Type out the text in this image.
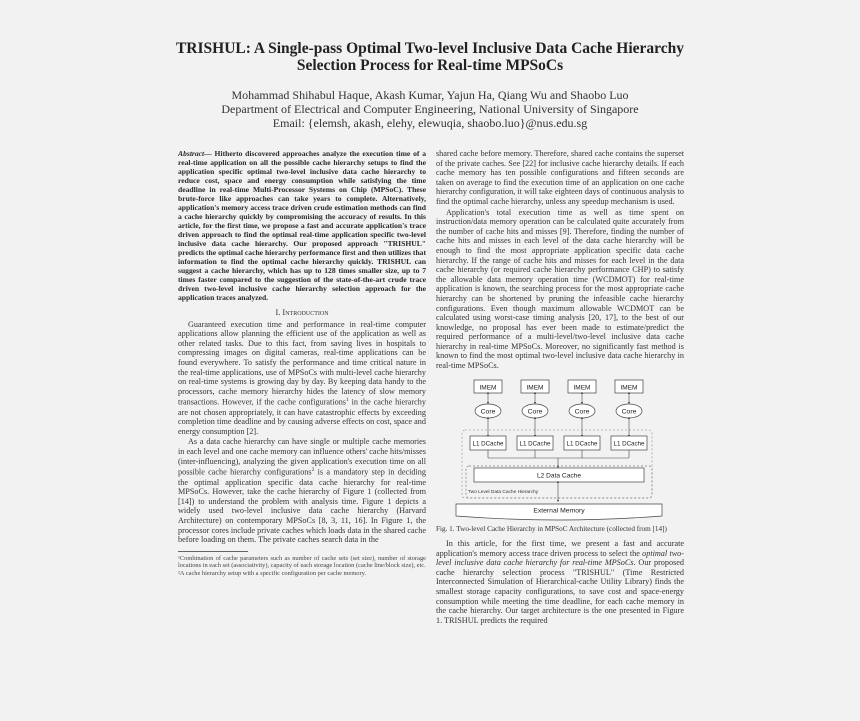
TRISHUL: A Single-pass Optimal Two-level Inclusive Data Cache Hierarchy
Selection Process for Real-time MPSoCs
Mohammad Shihabul Haque, Akash Kumar, Yajun Ha, Qiang Wu and Shaobo Luo
Department of Electrical and Computer Engineering, National University of Singapore
Email: {elemsh, akash, elehy, elewuqia, shaobo.luo}@nus.edu.sg

Abstract— Hitherto discovered approaches analyze the execution time of a real-time application on all the possible cache hierarchy setups to find the application specific optimal two-level inclusive data cache hierarchy to reduce cost, space and energy consumption while satisfying the time deadline in real-time Multi-Processor Systems on Chip (MPSoC). These brute-force like approaches can take years to complete. Alternatively, application's memory access trace driven crude estimation methods can find a cache hierarchy quickly by compromising the accuracy of results. In this article, for the first time, we propose a fast and accurate application's trace driven approach to find the optimal real-time application specific two-level inclusive data cache hierarchy. Our proposed approach "TRISHUL" predicts the optimal cache hierarchy performance first and then utilizes that information to find the optimal cache hierarchy quickly. TRISHUL can suggest a cache hierarchy, which has up to 128 times smaller size, up to 7 times faster compared to the suggestion of the state-of-the-art crude trace driven two-level inclusive cache hierarchy selection approach for the application traces analyzed.

I. Introduction

Guaranteed execution time and performance in real-time computer applications allow planning the efficient use of the application as well as other related tasks. Due to this fact, from saving lives in hospitals to compressing images on digital cameras, real-time applications can be found everywhere. To satisfy the performance and time critical nature in the real-time applications, use of MPSoCs with multi-level cache hierarchy on real-time systems is growing day by day. By keeping data handy to the processors, cache memory hierarchy hides the latency of slow memory transactions. However, if the cache configurations$^1$ in the cache hierarchy are not chosen appropriately, it can have catastrophic effects by exceeding completion time deadline and by causing adverse effects on cost, space and energy consumption [2].

As a data cache hierarchy can have single or multiple cache memories in each level and one cache memory can influence others' cache hits/misses (inter-influencing), analyzing the given application's execution time on all possible cache hierarchy configurations$^2$ is a mandatory step in deciding the optimal application specific data cache hierarchy for real-time MPSoCs. However, take the cache hierarchy of Figure 1 (collected from [14]) to understand the problem with analysis time. Figure 1 depicts a widely used two-level inclusive data cache hierarchy (Harvard Architecture) on contemporary MPSoCs [8, 3, 11, 16]. In Figure 1, the processor cores include private caches which loads data in the shared cache before loading on them. The private caches search data in the

¹Combination of cache parameters such as number of cache sets (set size), number of storage locations in each set (associativity), capacity of each storage location (cache line/block size), etc.

²A cache hierarchy setup with a specific configuration per cache memory.

shared cache before memory. Therefore, shared cache contains the superset of the private caches. See [22] for inclusive cache hierarchy details. If each cache memory has ten possible configurations and fifteen seconds are taken on average to find the execution time of an application on one cache hierarchy configuration, it will take eighteen days of continuous analysis to find the optimal cache hierarchy, unless any speedup mechanism is used.

Application's total execution time as well as time spent on instruction/data memory operation can be calculated quite accurately from the number of cache hits and misses [9]. Therefore, finding the number of cache hits and misses in each level of the data cache hierarchy will be enough to find the most appropriate application specific data cache hierarchy. If the range of cache hits and misses for each level in the data cache hierarchy (or required cache hierarchy performance CHP) to satisfy the allowable data memory operation time (WCDMOT) for real-time application is known, the searching process for the most appropriate cache hierarchy can be shortened by pruning the infeasible cache hierarchy configurations. Even though maximum allowable WCDMOT can be calculated using worst-case timing analysis [20, 17], to the best of our knowledge, no proposal has ever been made to estimate/predict the required performance of a multi-level/two-level inclusive data cache hierarchy in real-time MPSoCs. Moreover, no significantly fast method is known to find the most optimal two-level inclusive data cache hierarchy in real-time MPSoCs.

IMEM	IMEM	IMEM	IMEM
Core	Core	Core	Core
L1 DCache	L1 DCache	L1 DCache	L1 DCache
L2 Data Cache
Two Level Data Cache Hierarchy
External Memory

Fig. 1. Two-level Cache Hierarchy in MPSoC Architecture (collected from [14])

In this article, for the first time, we present a fast and accurate application's memory access trace driven process to select the optimal two-level inclusive data cache hierarchy for real-time MPSoCs. Our proposed cache hierarchy selection process "TRISHUL" (Time Restricted Interconnected Simulation of Hierarchical-cache Utility Library) finds the smallest storage capacity configurations, to save cost and space-energy consumption while meeting the time deadline, for each cache memory in the cache hierarchy. Our target architecture is the one presented in Figure 1. TRISHUL predicts the required
